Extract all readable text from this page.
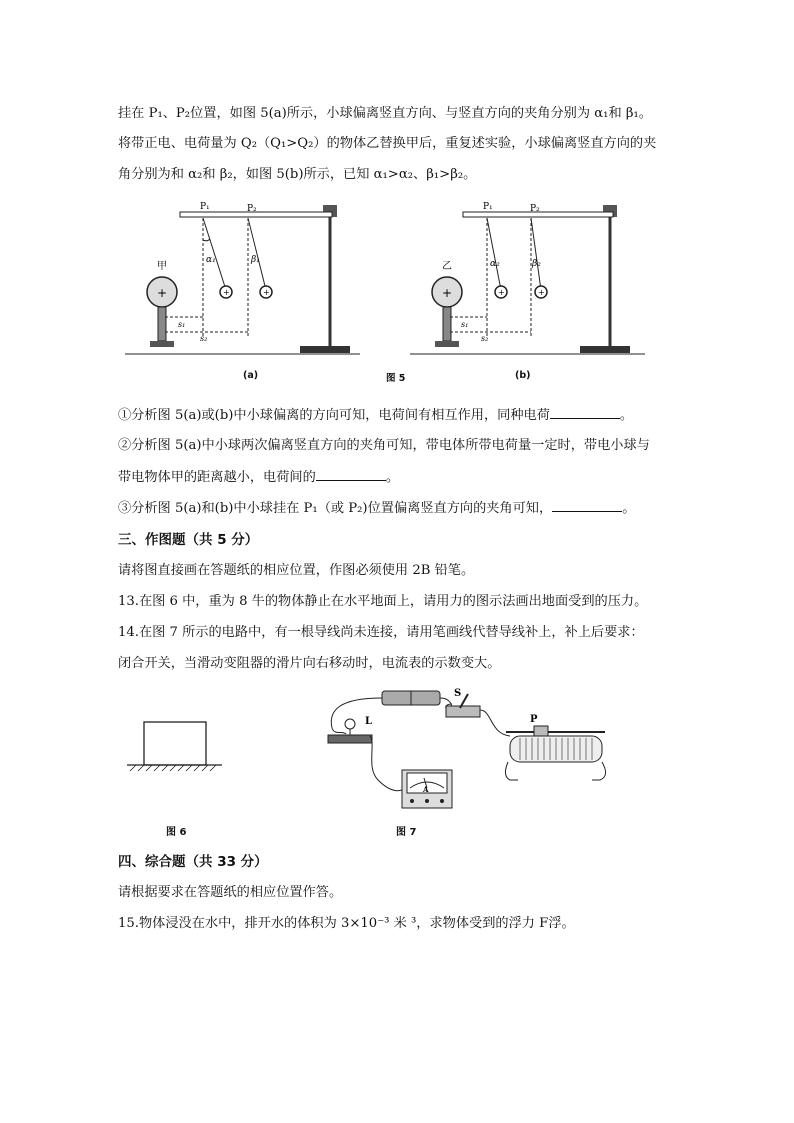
挂在 P₁、P₂位置，如图 5(a)所示，小球偏离竖直方向、与竖直方向的夹角分别为 α₁和 β₁。
将带正电、电荷量为 Q₂（Q₁>Q₂）的物体乙替换甲后，重复述实验，小球偏离竖直方向的夹
角分别为和 α₂和 β₂，如图 5(b)所示，已知 α₁>α₂、β₁>β₂。
P₁	P₂
α₁	β₁
+	+
甲
+
s₁
s₂
(a)	图 5
P₁	P₂
α₂	β₂
+	+
乙
+
s₁
s₂
(b)
①分析图 5(a)或(b)中小球偏离的方向可知，电荷间有相互作用，同种电荷	。
②分析图 5(a)中小球两次偏离竖直方向的夹角可知，带电体所带电荷量一定时，带电小球与
带电物体甲的距离越小，电荷间的	。
③分析图 5(a)和(b)中小球挂在 P₁（或 P₂)位置偏离竖直方向的夹角可知，	。
三、作图题（共 5 分）
请将图直接画在答题纸的相应位置，作图必须使用 2B 铅笔。
13.在图 6 中，重为 8 牛的物体静止在水平地面上，请用力的图示法画出地面受到的压力。
14.在图 7 所示的电路中，有一根导线尚未连接，请用笔画线代替导线补上，补上后要求：
闭合开关，当滑动变阻器的滑片向右移动时，电流表的示数变大。
图 6
S
L
A
P
图 7
四、综合题（共 33 分）
请根据要求在答题纸的相应位置作答。
15.物体浸没在水中，排开水的体积为 3×10⁻³ 米 ³，求物体受到的浮力 F浮。
